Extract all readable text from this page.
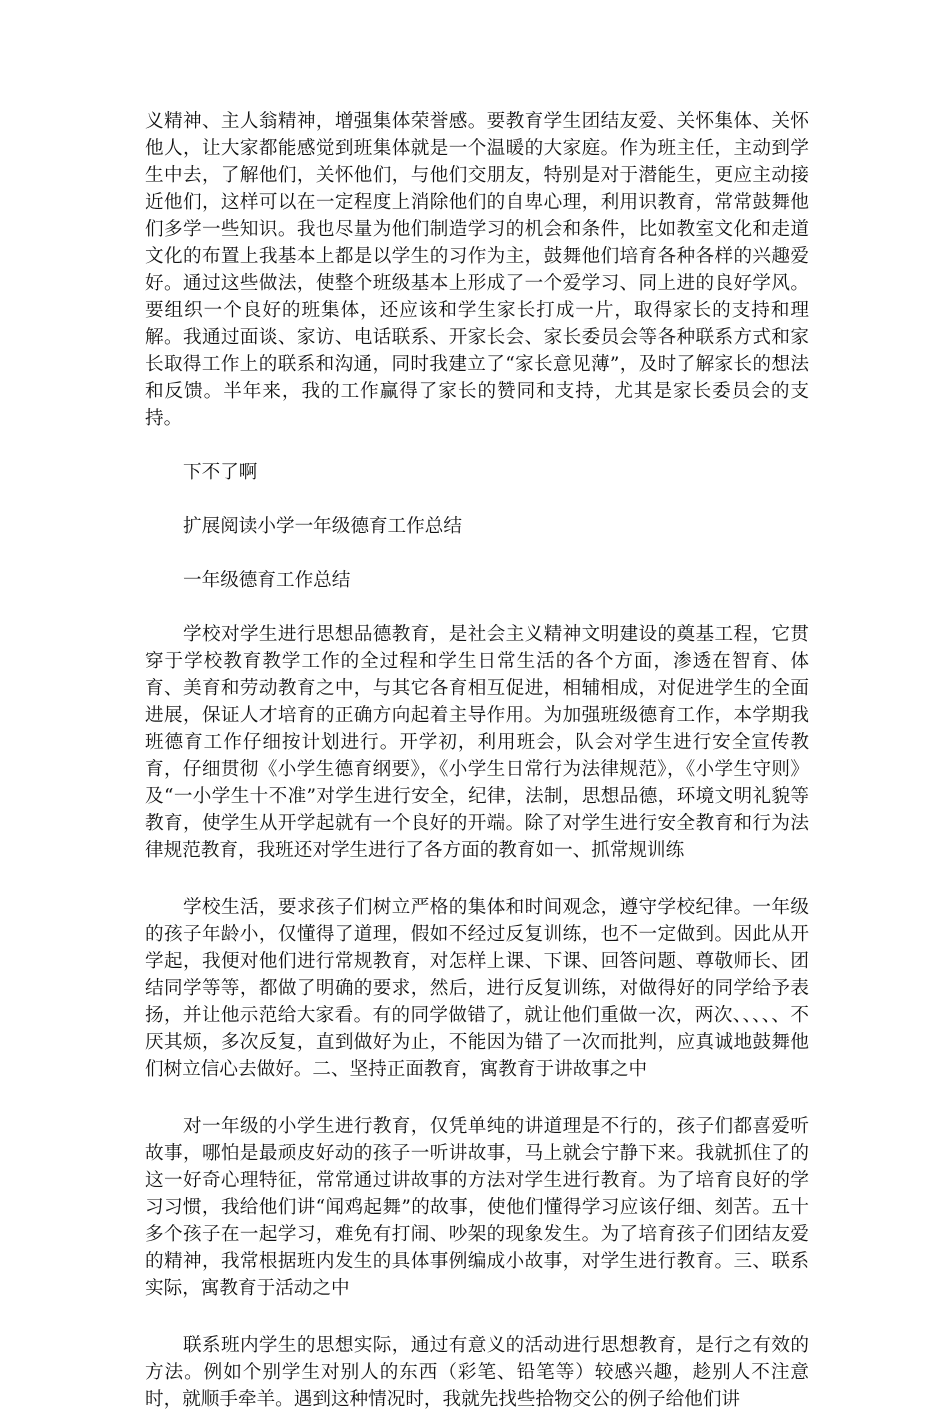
义精神、主人翁精神，增强集体荣誉感。要教育学生团结友爱、关怀集体、关怀他人，让大家都能感觉到班集体就是一个温暖的大家庭。作为班主任，主动到学生中去，了解他们，关怀他们，与他们交朋友，特别是对于潜能生，更应主动接近他们，这样可以在一定程度上消除他们的自卑心理，利用识教育，常常鼓舞他们多学一些知识。我也尽量为他们制造学习的机会和条件，比如教室文化和走道文化的布置上我基本上都是以学生的习作为主，鼓舞他们培育各种各样的兴趣爱好。通过这些做法，使整个班级基本上形成了一个爱学习、同上进的良好学风。要组织一个良好的班集体，还应该和学生家长打成一片，取得家长的支持和理解。我通过面谈、家访、电话联系、开家长会、家长委员会等各种联系方式和家长取得工作上的联系和沟通，同时我建立了“家长意见薄”，及时了解家长的想法和反馈。半年来，我的工作赢得了家长的赞同和支持，尤其是家长委员会的支持。

下不了啊

扩展阅读小学一年级德育工作总结

一年级德育工作总结

学校对学生进行思想品德教育，是社会主义精神文明建设的奠基工程，它贯穿于学校教育教学工作的全过程和学生日常生活的各个方面，渗透在智育、体育、美育和劳动教育之中，与其它各育相互促进，相辅相成，对促进学生的全面进展，保证人才培育的正确方向起着主导作用。为加强班级德育工作，本学期我班德育工作仔细按计划进行。开学初，利用班会，队会对学生进行安全宣传教育，仔细贯彻《小学生德育纲要》，《小学生日常行为法律规范》，《小学生守则》及“一小学生十不准”对学生进行安全，纪律，法制，思想品德，环境文明礼貌等教育，使学生从开学起就有一个良好的开端。除了对学生进行安全教育和行为法律规范教育，我班还对学生进行了各方面的教育如一、抓常规训练

学校生活，要求孩子们树立严格的集体和时间观念，遵守学校纪律。一年级的孩子年龄小，仅懂得了道理，假如不经过反复训练，也不一定做到。因此从开学起，我便对他们进行常规教育，对怎样上课、下课、回答问题、尊敬师长、团结同学等等，都做了明确的要求，然后，进行反复训练，对做得好的同学给予表扬，并让他示范给大家看。有的同学做错了，就让他们重做一次，两次、、、、、不厌其烦，多次反复，直到做好为止，不能因为错了一次而批判，应真诚地鼓舞他们树立信心去做好。二、坚持正面教育，寓教育于讲故事之中

对一年级的小学生进行教育，仅凭单纯的讲道理是不行的，孩子们都喜爱听故事，哪怕是最顽皮好动的孩子一听讲故事，马上就会宁静下来。我就抓住了的这一好奇心理特征，常常通过讲故事的方法对学生进行教育。为了培育良好的学习习惯，我给他们讲“闻鸡起舞”的故事，使他们懂得学习应该仔细、刻苦。五十多个孩子在一起学习，难免有打闹、吵架的现象发生。为了培育孩子们团结友爱的精神，我常根据班内发生的具体事例编成小故事，对学生进行教育。三、联系实际，寓教育于活动之中

联系班内学生的思想实际，通过有意义的活动进行思想教育，是行之有效的方法。例如个别学生对别人的东西（彩笔、铅笔等）较感兴趣，趁别人不注意时，就顺手牵羊。遇到这种情况时，我就先找些拾物交公的例子给他们讲
